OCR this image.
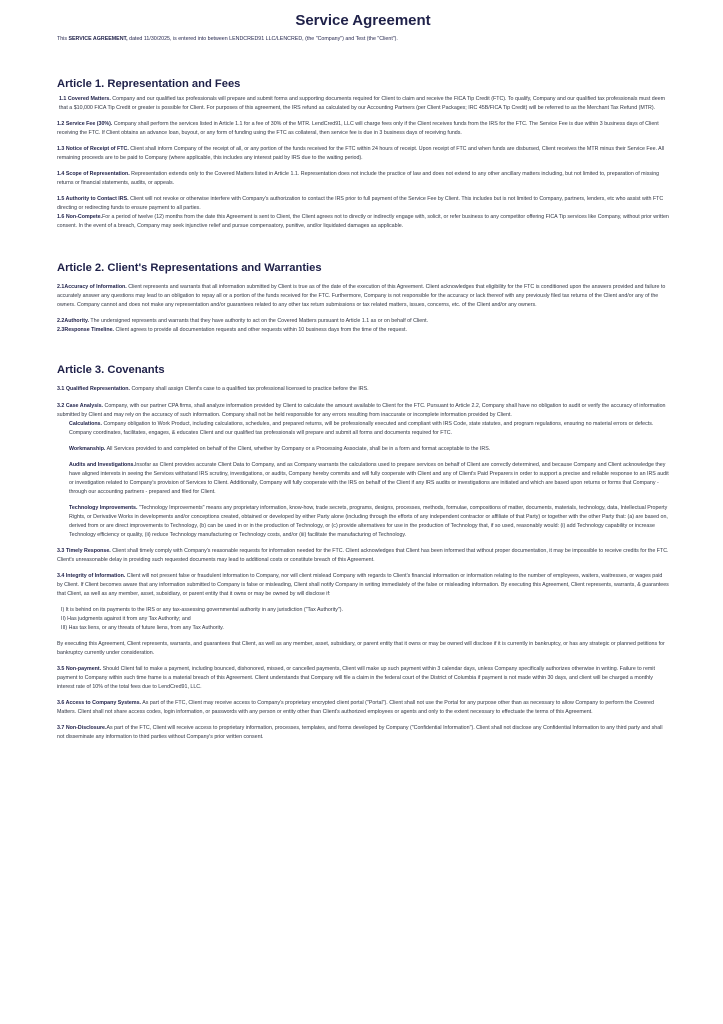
Service Agreement

This SERVICE AGREEMENT, dated 11/30/2025, is entered into between LENDCRED91 LLC/LENCRED, (the "Company") and Test (the "Client").

Article 1. Representation and Fees

1.1 Covered Matters. Company and our qualified tax professionals will prepare and submit forms and supporting documents required for Client to claim and receive the FICA Tip Credit (FTC). To qualify, Company and our qualified tax professionals must deem that a $10,000 FICA Tip Credit or greater is possible for Client. For purposes of this agreement, the IRS refund as calculated by our Accounting Partners (per Client Packages; IRC 45B/FICA Tip Credit) will be referred to as the Merchant Tax Refund (MTR).

1.2 Service Fee (30%). Company shall perform the services listed in Article 1.1 for a fee of 30% of the MTR. LendCred91, LLC will charge fees only if the Client receives funds from the IRS for the FTC. The Service Fee is due within 3 business days of Client receiving the FTC. If Client obtains an advance loan, buyout, or any form of funding using the FTC as collateral, then service fee is due in 3 business days of receiving funds.

1.3 Notice of Receipt of FTC. Client shall inform Company of the receipt of all, or any portion of the funds received for the FTC within 24 hours of receipt. Upon receipt of FTC and when funds are disbursed, Client receives the MTR minus their Service Fee. All remaining proceeds are to be paid to Company (where applicable, this includes any interest paid by IRS due to the waiting period).

1.4 Scope of Representation. Representation extends only to the Covered Matters listed in Article 1.1. Representation does not include the practice of law and does not extend to any other ancillary matters including, but not limited to, preparation of missing returns or financial statements, audits, or appeals.

1.5 Authority to Contact IRS. Client will not revoke or otherwise interfere with Company's authorization to contact the IRS prior to full payment of the Service Fee by Client. This includes but is not limited to Company, partners, lenders, etc who assist with FTC directing or redirecting funds to ensure payment to all parties.

1.6 Non-Compete.For a period of twelve (12) months from the date this Agreement is sent to Client, the Client agrees not to directly or indirectly engage with, solicit, or refer business to any competitor offering FICA Tip services like Company, without prior written consent. In the event of a breach, Company may seek injunctive relief and pursue compensatory, punitive, and/or liquidated damages as applicable.

Article 2. Client's Representations and Warranties

2.1Accuracy of Information. Client represents and warrants that all information submitted by Client is true as of the date of the execution of this Agreement. Client acknowledges that eligibility for the FTC is conditioned upon the answers provided and failure to accurately answer any questions may lead to an obligation to repay all or a portion of the funds received for the FTC. Furthermore, Company is not responsible for the accuracy or lack thereof with any previously filed tax returns of the Client and/or any of the owners. Company cannot and does not make any representation and/or guarantees related to any other tax return submissions or tax related matters, issues, concerns, etc. of the Client and/or any owners.

2.2Authority. The undersigned represents and warrants that they have authority to act on the Covered Matters pursuant to Article 1.1 as or on behalf of Client.

2.3Response Timeline. Client agrees to provide all documentation requests and other requests within 10 business days from the time of the request.

Article 3. Covenants

3.1 Qualified Representation. Company shall assign Client's case to a qualified tax professional licensed to practice before the IRS.

3.2 Case Analysis. Company, with our partner CPA firms, shall analyze information provided by Client to calculate the amount available to Client for the FTC. Pursuant to Article 2.2, Company shall have no obligation to audit or verify the accuracy of information submitted by Client and may rely on the accuracy of such information. Company shall not be held responsible for any errors resulting from inaccurate or incomplete information provided by Client.

Calculations. Company obligation to Work Product, including calculations, schedules, and prepared returns, will be professionally executed and compliant with IRS Code, state statutes, and program regulations, ensuring no material errors or defects. Company coordinates, facilitates, engages, & educates Client and our qualified tax professionals will prepare and submit all forms and documents required for FTC.

Workmanship. All Services provided to and completed on behalf of the Client, whether by Company or a Processing Associate, shall be in a form and format acceptable to the IRS.

Audits and Investigations.Insofar as Client provides accurate Client Data to Company, and as Company warrants the calculations used to prepare services on behalf of Client are correctly determined, and because Company and Client acknowledge they have aligned interests in seeing the Services withstand IRS scrutiny, investigations, or audits, Company hereby commits and will fully cooperate with Client and any of Client's Paid Preparers in order to support a precise and reliable response to an IRS audit or investigation related to Company's provision of Services to Client. Additionally, Company will fully cooperate with the IRS on behalf of the Client if any IRS audits or investigations are initiated and which are based upon returns or forms that Company - through our accounting partners - prepared and filed for Client.

Technology Improvements. "Technology Improvements" means any proprietary information, know-how, trade secrets, programs, designs, processes, methods, formulae, compositions of matter, documents, materials, technology, data, Intellectual Property Rights, or Derivative Works in developments and/or conceptions created, obtained or developed by either Party alone (including through the efforts of any independent contractor or affiliate of that Party) or together with the other Party that: (a) are based on, derived from or are direct improvements to Technology, (b) can be used in or in the production of Technology, or (c) provide alternatives for use in the production of Technology that, if so used, reasonably would: (i) add Technology capability or increase Technology efficiency or quality, (ii) reduce Technology manufacturing or Technology costs, and/or (iii) facilitate the manufacturing of Technology.

3.3 Timely Response. Client shall timely comply with Company's reasonable requests for information needed for the FTC. Client acknowledges that Client has been informed that without proper documentation, it may be impossible to receive credits for the FTC. Client's unreasonable delay in providing such requested documents may lead to additional costs or constitute breach of this Agreement.

3.4 Integrity of Information. Client will not present false or fraudulent information to Company, nor will client mislead Company with regards to Client's financial information or information relating to the number of employees, waiters, waitresses, or wages paid by Client. If Client becomes aware that any information submitted to Company is false or misleading, Client shall notify Company in writing immediately of the false or misleading information. By executing this Agreement, Client represents, warrants, & guarantees that Client, as well as any member, asset, subsidiary, or parent entity that it owns or may be owned by will disclose if:

I) It is behind on its payments to the IRS or any tax-assessing governmental authority in any jurisdiction ("Tax Authority").

II) Has judgments against it from any Tax Authority; and

III) Has tax liens, or any threats of future liens, from any Tax Authority.

By executing this Agreement, Client represents, warrants, and guarantees that Client, as well as any member, asset, subsidiary, or parent entity that it owns or may be owned will disclose if it is currently in bankruptcy, or has any strategic or planned petitions for bankruptcy currently under consideration.

3.5 Non-payment. Should Client fail to make a payment, including bounced, dishonored, missed, or cancelled payments, Client will make up such payment within 3 calendar days, unless Company specifically authorizes otherwise in writing. Failure to remit payment to Company within such time frame is a material breach of this Agreement. Client understands that Company will file a claim in the federal court of the District of Columbia if payment is not made within 30 days, and client will be charged a monthly interest rate of 10% of the total fees due to LendCred91, LLC.

3.6 Access to Company Systems. As part of the FTC, Client may receive access to Company's proprietary encrypted client portal ("Portal"). Client shall not use the Portal for any purpose other than as necessary to allow Company to perform the Covered Matters. Client shall not share access codes, login information, or passwords with any person or entity other than Client's authorized employees or agents and only to the extent necessary to effectuate the terms of this Agreement.

3.7 Non-Disclosure.As part of the FTC, Client will receive access to proprietary information, processes, templates, and forms developed by Company ("Confidential Information"). Client shall not disclose any Confidential Information to any third party and shall not disseminate any information to third parties without Company's prior written consent.
